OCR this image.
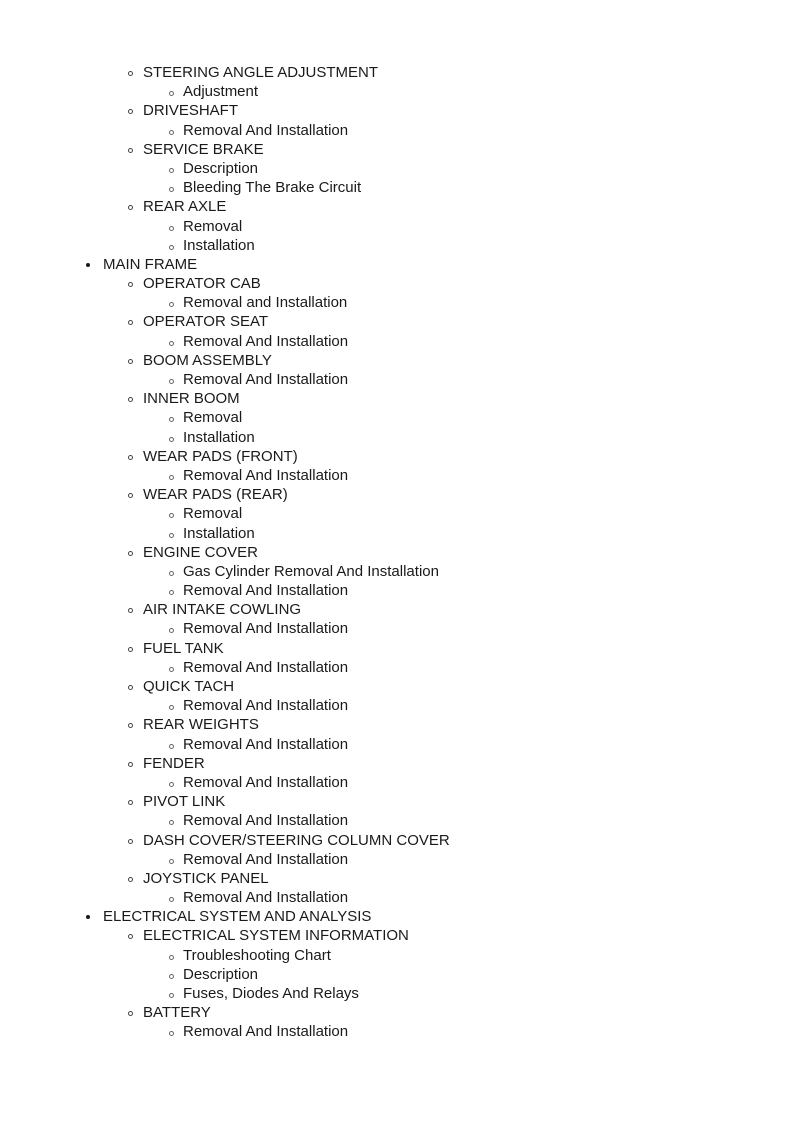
STEERING ANGLE ADJUSTMENT
Adjustment
DRIVESHAFT
Removal And Installation
SERVICE BRAKE
Description
Bleeding The Brake Circuit
REAR AXLE
Removal
Installation
MAIN FRAME
OPERATOR CAB
Removal and Installation
OPERATOR SEAT
Removal And Installation
BOOM ASSEMBLY
Removal And Installation
INNER BOOM
Removal
Installation
WEAR PADS (FRONT)
Removal And Installation
WEAR PADS (REAR)
Removal
Installation
ENGINE COVER
Gas Cylinder Removal And Installation
Removal And Installation
AIR INTAKE COWLING
Removal And Installation
FUEL TANK
Removal And Installation
QUICK TACH
Removal And Installation
REAR WEIGHTS
Removal And Installation
FENDER
Removal And Installation
PIVOT LINK
Removal And Installation
DASH COVER/STEERING COLUMN COVER
Removal And Installation
JOYSTICK PANEL
Removal And Installation
ELECTRICAL SYSTEM AND ANALYSIS
ELECTRICAL SYSTEM INFORMATION
Troubleshooting Chart
Description
Fuses, Diodes And Relays
BATTERY
Removal And Installation
